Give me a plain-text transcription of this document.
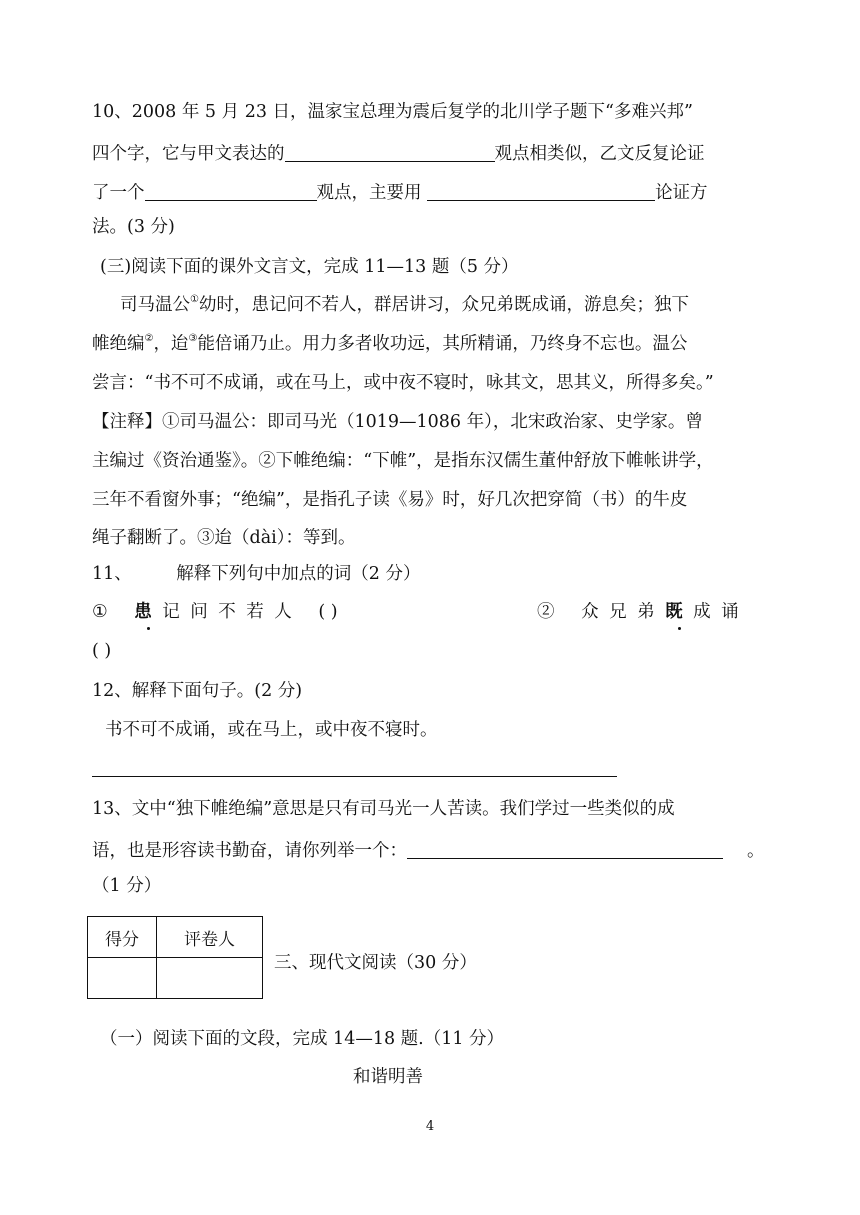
10、2008 年 5 月 23 日，温家宝总理为震后复学的北川学子题下“多难兴邦”
四个字，它与甲文表达的	观点相类似，乙文反复论证
了一个	观点，主要用	论证方
法。(3 分)
(三)阅读下面的课外文言文，完成 11—13 题（5 分）
司马温公①幼时，患记问不若人，群居讲习，众兄弟既成诵，游息矣；独下
帷绝编②，迨③能倍诵乃止。用力多者收功远，其所精诵，乃终身不忘也。温公
尝言：“书不可不成诵，或在马上，或中夜不寝时，咏其文，思其义，所得多矣。”
【注释】①司马温公：即司马光（1019—1086 年），北宋政治家、史学家。曾
主编过《资治通鉴》。②下帷绝编：“下帷”，是指东汉儒生董仲舒放下帷帐讲学，
三年不看窗外事；“绝编”，是指孔子读《易》时，好几次把穿简（书）的牛皮
绳子翻断了。③迨（dài）：等到。
11、        解释下列句中加点的词（2 分）
① 患记问不若人 ( )	② 众兄弟既成诵
( )
12、解释下面句子。(2 分)
书不可不成诵，或在马上，或中夜不寝时。
13、文中“独下帷绝编”意思是只有司马光一人苦读。我们学过一些类似的成
语，也是形容读书勤奋，请你列举一个：	。
（1 分）
得分	评卷人

三、现代文阅读（30 分）
（一）阅读下面的文段，完成 14—18 题.（11 分）
和谐明善
4
